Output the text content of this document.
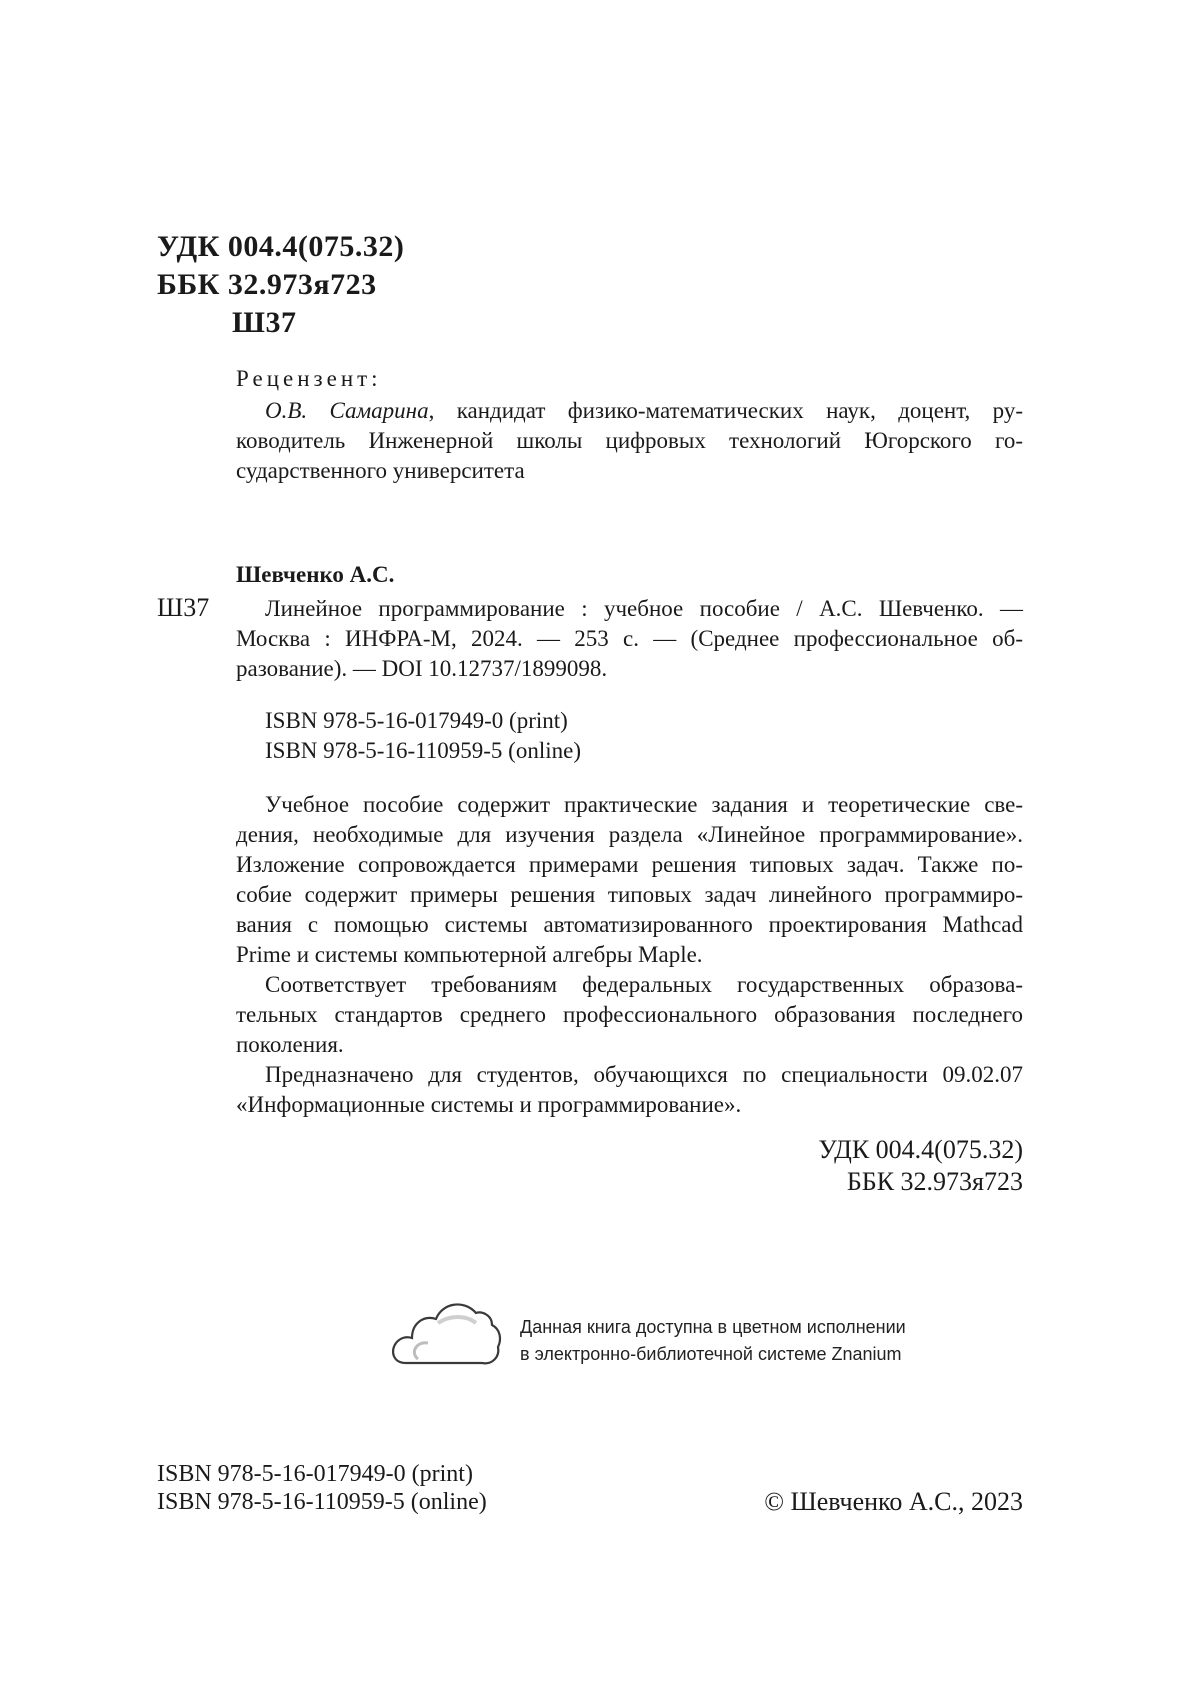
УДК 004.4(075.32)
ББК 32.973я723
Ш37
Рецензент:
О.В. Самарина, кандидат физико-математических наук, доцент, ру-
ководитель Инженерной школы цифровых технологий Югорского го-
сударственного университета
Шевченко А.С.
Ш37 Линейное программирование : учебное пособие / А.С. Шевченко. —
Москва : ИНФРА-М, 2024. — 253 с. — (Среднее профессиональное об-
разование). — DOI 10.12737/1899098.
ISBN 978-5-16-017949-0 (print)
ISBN 978-5-16-110959-5 (online)
Учебное пособие содержит практические задания и теоретические све-
дения, необходимые для изучения раздела «Линейное программирование».
Изложение сопровождается примерами решения типовых задач. Также по-
собие содержит примеры решения типовых задач линейного программиро-
вания с помощью системы автоматизированного проектирования Mathcad
Prime и системы компьютерной алгебры Maple.
Соответствует требованиям федеральных государственных образова-
тельных стандартов среднего профессионального образования последнего
поколения.
Предназначено для студентов, обучающихся по специальности 09.02.07
«Информационные системы и программирование».
УДК 004.4(075.32)
ББК 32.973я723
Данная книга доступна в цветном исполнении
в электронно-библиотечной системе Znanium
ISBN 978-5-16-017949-0 (print)
ISBN 978-5-16-110959-5 (online)	© Шевченко А.С., 2023
